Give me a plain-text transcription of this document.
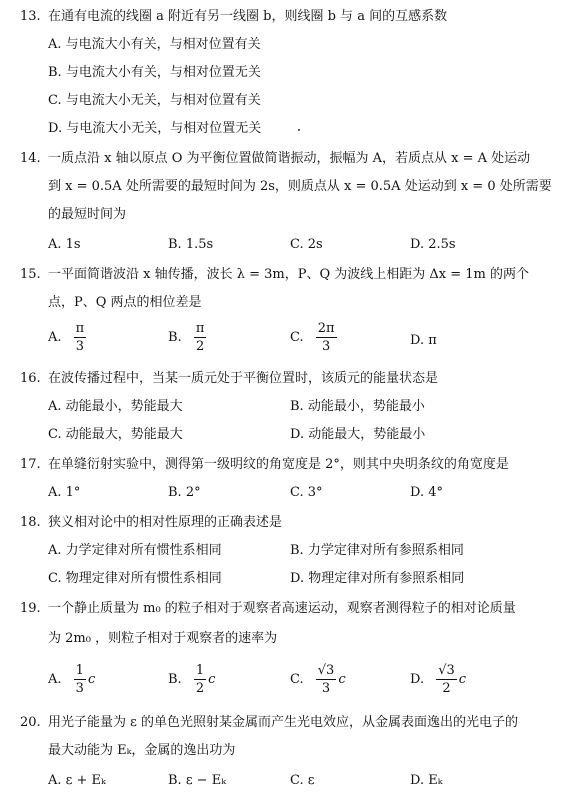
13. 在通有电流的线圈 a 附近有另一线圈 b，则线圈 b 与 a 间的互感系数
A. 与电流大小有关，与相对位置有关
B. 与电流大小有关，与相对位置无关
C. 与电流大小无关，与相对位置有关
D. 与电流大小无关，与相对位置无关
14. 一质点沿 x 轴以原点 O 为平衡位置做简谐振动，振幅为 A，若质点从 x = A 处运动
到 x = 0.5A 处所需要的最短时间为 2s，则质点从 x = 0.5A 处运动到 x = 0 处所需要
的最短时间为
A. 1s	B. 1.5s	C. 2s	D. 2.5s
15. 一平面简谐波沿 x 轴传播，波长 λ = 3m，P、Q 为波线上相距为 Δx = 1m 的两个
点，P、Q 两点的相位差是
A. $\frac{\pi}{3}$	B. $\frac{\pi}{2}$	C. $\frac{2\pi}{3}$	D. π
16. 在波传播过程中，当某一质元处于平衡位置时，该质元的能量状态是
A. 动能最小，势能最大	B. 动能最小，势能最小
C. 动能最大，势能最大	D. 动能最大，势能最小
17. 在单缝衍射实验中，测得第一级明纹的角宽度是 2°，则其中央明条纹的角宽度是
A. 1°	B. 2°	C. 3°	D. 4°
18. 狭义相对论中的相对性原理的正确表述是
A. 力学定律对所有惯性系相同	B. 力学定律对所有参照系相同
C. 物理定律对所有惯性系相同	D. 物理定律对所有参照系相同
19. 一个静止质量为 m₀ 的粒子相对于观察者高速运动，观察者测得粒子的相对论质量
为 2m₀ ，则粒子相对于观察者的速率为
A. $\frac{1}{3}$ c	B. $\frac{1}{2}$ c	C. $\frac{√3}{3}$ c	D. $\frac{√3}{2}$ c
20. 用光子能量为 ε 的单色光照射某金属而产生光电效应，从金属表面逸出的光电子的
最大动能为 Eₖ，金属的逸出功为
A. ε + Eₖ	B. ε − Eₖ	C. ε	D. Eₖ
